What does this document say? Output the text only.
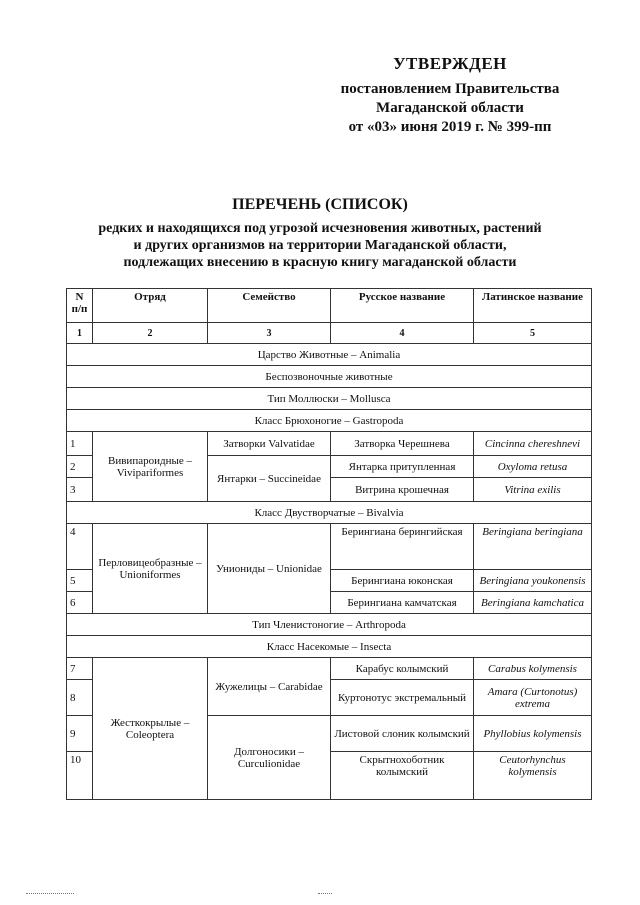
УТВЕРЖДЕН
постановлением Правительства
Магаданской области
от «03» июня 2019 г. № 399-пп
ПЕРЕЧЕНЬ (СПИСОК)
редких и находящихся под угрозой исчезновения животных, растений
и других организмов на территории Магаданской области,
подлежащих внесению в красную книгу магаданской области
N п/п	Отряд	Семейство	Русское название	Латинское название
1	2	3	4	5
Царство Животные – Animalia				
Беспозвоночные животные				
Тип Моллюски – Mollusca				
Класс Брюхоногие – Gastropoda				
1	Вивипароидные – Viviparіformes	Затворки Valvatidae	Затворка Черешнева	Cincinna chereshnevi
2		Янтарки – Succineidae	Янтарка притупленная	Oxyloma retusa
3			Витрина крошечная	Vitrina exilis
Класс Двустворчатые – Bivalvia				
4	Перловицеобразные – Unioniformes	Униониды – Unionidae	Берингиана берингийская	Beringiana beringiana
5			Берингиана юконская	Beringiana youkonensis
6			Берингиана камчатская	Beringiana kamchatica
Тип Членистоногие – Arthropoda				
Класс Насекомые – Insecta				
7	Жесткокрылые – Coleoptera	Жужелицы – Carabidae	Карабус колымский	Carabus kolymensis
8			Куртонотус экстремальный	Amara (Curtonotus) extrema
9		Долгоносики – Curculionidae	Листовой слоник колымский	Phyllobius kolymensis
10			Скрытнохоботник колымский	Ceutorhynchus kolymensis
